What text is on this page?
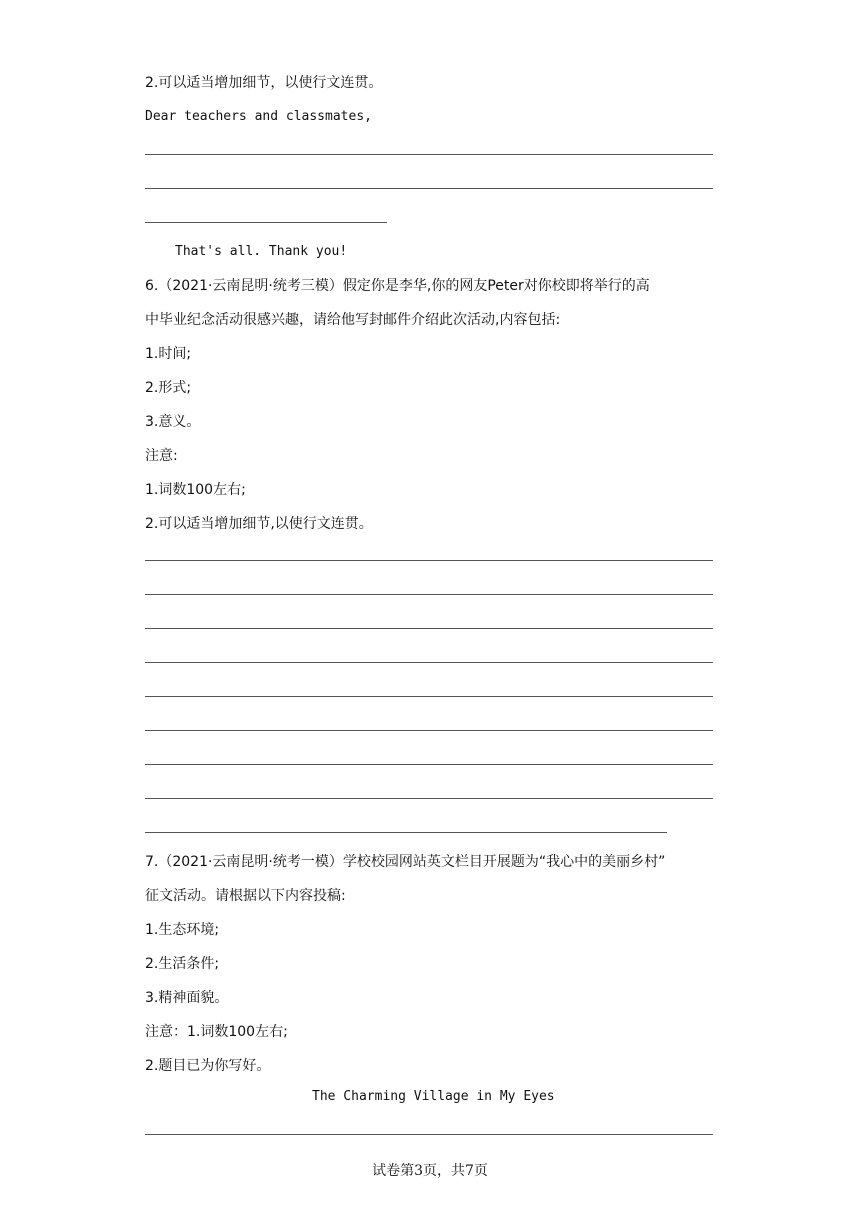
2.可以适当增加细节，以使行文连贯。
Dear teachers and classmates,
That's all. Thank you!
6.（2021·云南昆明·统考三模）假定你是李华,你的网友Peter对你校即将举行的高
中毕业纪念活动很感兴趣，请给他写封邮件介绍此次活动,内容包括:
1.时间;
2.形式;
3.意义。
注意:
1.词数100左右;
2.可以适当增加细节,以使行文连贯。
7.（2021·云南昆明·统考一模）学校校园网站英文栏目开展题为“我心中的美丽乡村”
征文活动。请根据以下内容投稿:
1.生态环境;
2.生活条件;
3.精神面貌。
注意：1.词数100左右;
2.题目已为你写好。
The Charming Village in My Eyes
试卷第3页，共7页
